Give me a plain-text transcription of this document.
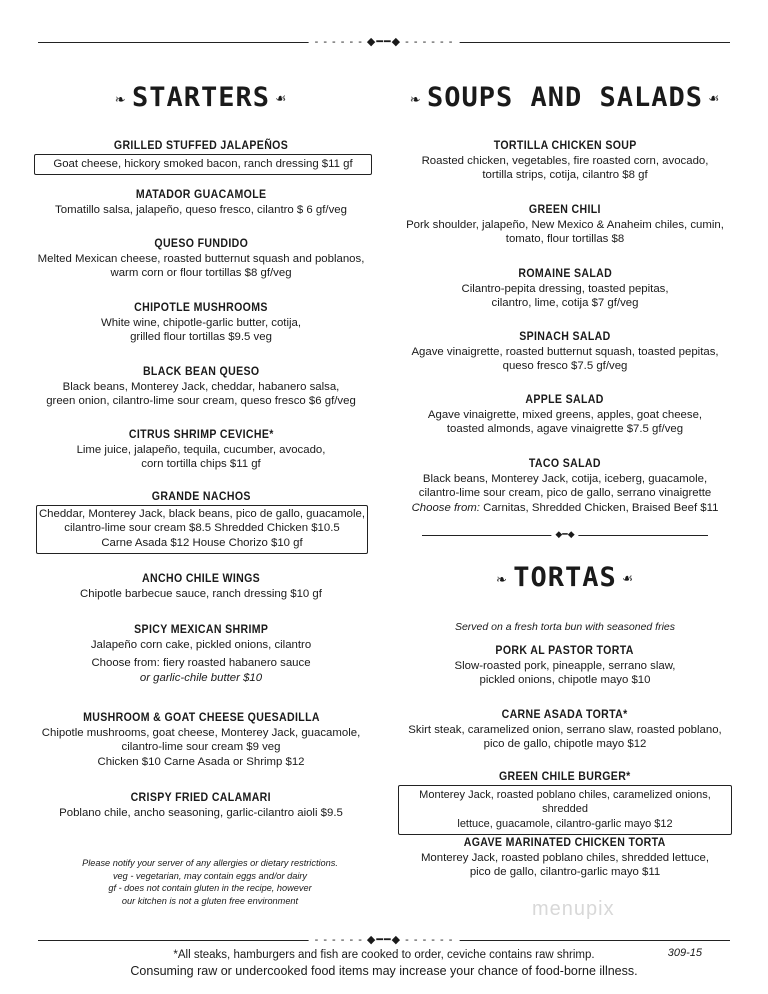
- - - - - - ◆━━◆ - - - - - -
- - - - - - ◆━━◆ - - - - - -
❧ STARTERS ☙
GRILLED STUFFED JALAPEÑOS
Goat cheese, hickory smoked bacon, ranch dressing $11 gf
MATADOR GUACAMOLE
Tomatillo salsa, jalapeño, queso fresco, cilantro $ 6 gf/veg
QUESO FUNDIDO
Melted Mexican cheese, roasted butternut squash and poblanos,
warm corn or flour tortillas $8 gf/veg
CHIPOTLE MUSHROOMS
White wine, chipotle-garlic butter, cotija,
grilled flour tortillas $9.5 veg
BLACK BEAN QUESO
Black beans, Monterey Jack, cheddar, habanero salsa,
green onion, cilantro-lime sour cream, queso fresco $6 gf/veg
CITRUS SHRIMP CEVICHE*
Lime juice, jalapeño, tequila, cucumber, avocado,
corn tortilla chips $11 gf
GRANDE NACHOS
Cheddar, Monterey Jack, black beans, pico de gallo, guacamole,
cilantro-lime sour cream $8.5 Shredded Chicken $10.5
Carne Asada $12 House Chorizo $10 gf
ANCHO CHILE WINGS
Chipotle barbecue sauce, ranch dressing $10 gf
SPICY MEXICAN SHRIMP
Jalapeño corn cake, pickled onions, cilantro
Choose from: fiery roasted habanero sauce
or garlic-chile butter $10
MUSHROOM & GOAT CHEESE QUESADILLA
Chipotle mushrooms, goat cheese, Monterey Jack, guacamole,
cilantro-lime sour cream $9 veg
Chicken $10 Carne Asada or Shrimp $12
CRISPY FRIED CALAMARI
Poblano chile, ancho seasoning, garlic-cilantro aioli $9.5
Please notify your server of any allergies or dietary restrictions.
veg - vegetarian, may contain eggs and/or dairy
gf - does not contain gluten in the recipe, however
our kitchen is not a gluten free environment
❧ SOUPS AND SALADS ☙
TORTILLA CHICKEN SOUP
Roasted chicken, vegetables, fire roasted corn, avocado,
tortilla strips, cotija, cilantro $8 gf
GREEN CHILI
Pork shoulder, jalapeño, New Mexico & Anaheim chiles, cumin,
tomato, flour tortillas $8
ROMAINE SALAD
Cilantro-pepita dressing, toasted pepitas,
cilantro, lime, cotija $7 gf/veg
SPINACH SALAD
Agave vinaigrette, roasted butternut squash, toasted pepitas,
queso fresco $7.5 gf/veg
APPLE SALAD
Agave vinaigrette, mixed greens, apples, goat cheese,
toasted almonds, agave vinaigrette $7.5 gf/veg
TACO SALAD
Black beans, Monterey Jack, cotija, iceberg, guacamole,
cilantro-lime sour cream, pico de gallo, serrano vinaigrette
Choose from: Carnitas, Shredded Chicken, Braised Beef $11
◆━◆
❧ TORTAS ☙
Served on a fresh torta bun with seasoned fries
PORK AL PASTOR TORTA
Slow-roasted pork, pineapple, serrano slaw,
pickled onions, chipotle mayo $10
CARNE ASADA TORTA*
Skirt steak, caramelized onion, serrano slaw, roasted poblano,
pico de gallo, chipotle mayo $12
GREEN CHILE BURGER*
Monterey Jack, roasted poblano chiles, caramelized onions, shredded
lettuce, guacamole, cilantro-garlic mayo $12
AGAVE MARINATED CHICKEN TORTA
Monterey Jack, roasted poblano chiles, shredded lettuce,
pico de gallo, cilantro-garlic mayo $11
menupix
*All steaks, hamburgers and fish are cooked to order, ceviche contains raw shrimp.
Consuming raw or undercooked food items may increase your chance of food-borne illness.
309-15
